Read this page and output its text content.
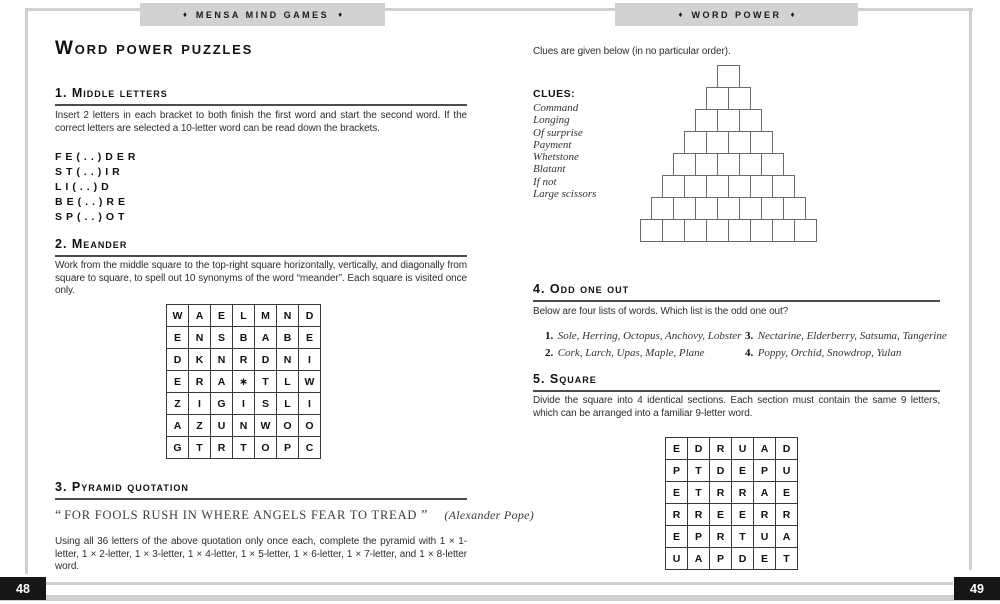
♦ MENSA MIND GAMES ♦	♦ WORD POWER ♦
48	49
Word power puzzles
1. Middle letters
Insert 2 letters in each bracket to both finish the first word and start the second word. If the correct letters are selected a 10-letter word can be read down the brackets.
FE(..)DER
ST(..)IR
LI(..)D
BE(..)RE
SP(..)OT
2. Meander
Work from the middle square to the top-right square horizontally, vertically, and diagonally from square to square, to spell out 10 synonyms of the word “meander”. Each square is visited once only.
W	A	E	L	M	N	D
E	N	S	B	A	B	E
D	K	N	R	D	N	I
E	R	A	∗	T	L	W
Z	I	G	I	S	L	I
A	Z	U	N	W	O	O
G	T	R	T	O	P	C
3. Pyramid quotation
“ FOR FOOLS RUSH IN WHERE ANGELS FEAR TO TREAD ” (Alexander Pope)
Using all 36 letters of the above quotation only once each, complete the pyramid with 1 × 1-letter, 1 × 2-letter, 1 × 3-letter, 1 × 4-letter, 1 × 5-letter, 1 × 6-letter, 1 × 7-letter, and 1 × 8-letter word.
Clues are given below (in no particular order).
CLUES:
Command
Longing
Of surprise
Payment
Whetstone
Blatant
If not
Large scissors
4. Odd one out
Below are four lists of words. Which list is the odd one out?
1. Sole, Herring, Octopus, Anchovy, Lobster
2. Cork, Larch, Upas, Maple, Plane
3. Nectarine, Elderberry, Satsuma, Tangerine
4. Poppy, Orchid, Snowdrop, Yulan
5. Square
Divide the square into 4 identical sections. Each section must contain the same 9 letters, which can be arranged into a familiar 9-letter word.
E	D	R	U	A	D
P	T	D	E	P	U
E	T	R	R	A	E
R	R	E	E	R	R
E	P	R	T	U	A
U	A	P	D	E	T
